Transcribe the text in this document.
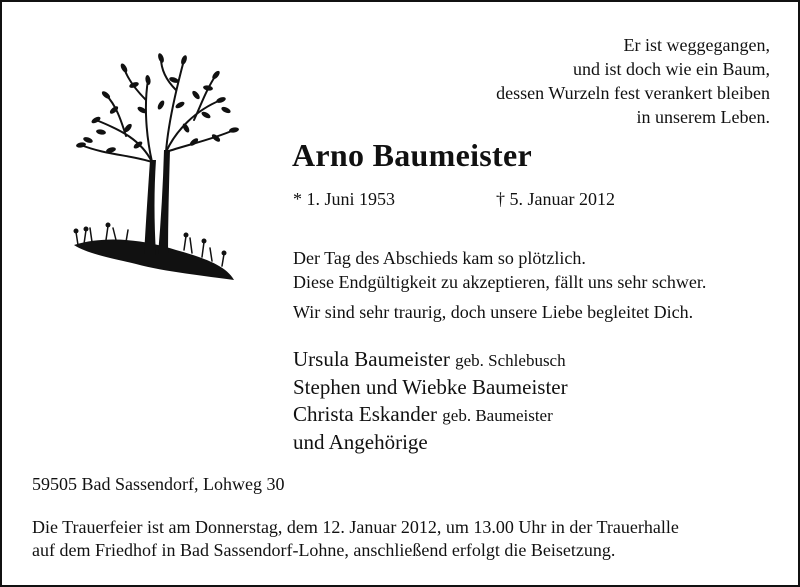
Er ist weggegangen,
und ist doch wie ein Baum,
dessen Wurzeln fest verankert bleiben
in unserem Leben.
Arno Baumeister
* 1. Juni 1953	† 5. Januar 2012
Der Tag des Abschieds kam so plötzlich.
Diese Endgültigkeit zu akzeptieren, fällt uns sehr schwer.
Wir sind sehr traurig, doch unsere Liebe begleitet Dich.
Ursula Baumeister geb. Schlebusch
Stephen und Wiebke Baumeister
Christa Eskander geb. Baumeister
und Angehörige
59505 Bad Sassendorf, Lohweg 30
Die Trauerfeier ist am Donnerstag, dem 12. Januar 2012, um 13.00 Uhr in der Trauerhalle
auf dem Friedhof in Bad Sassendorf-Lohne, anschließend erfolgt die Beisetzung.
